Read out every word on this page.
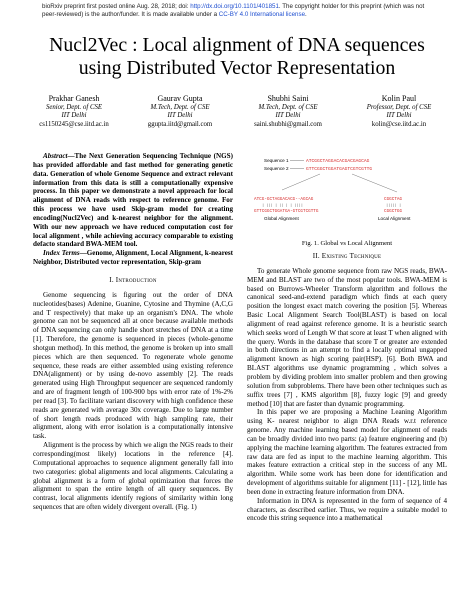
bioRxiv preprint first posted online Aug. 28, 2018; doi: http://dx.doi.org/10.1101/401851. The copyright holder for this preprint (which was not
peer-reviewed) is the author/funder. It is made available under a CC-BY 4.0 International license.
Nucl2Vec : Local alignment of DNA sequences
using Distributed Vector Representation
Prakhar Ganesh
Senior, Dept. of CSE
IIT Delhi
cs1150245@cse.iitd.ac.in
Gaurav Gupta
M.Tech, Dept. of CSE
IIT Delhi
ggupta.iitd@gmail.com
Shubhi Saini
M.Tech, Dept. of CSE
IIT Delhi
saini.shubhi@gmail.com
Kolin Paul
Professor, Dept. of CSE
IIT Delhi
kolin@cse.iitd.ac.in

Abstract—The Next Generation Sequencing Technique (NGS) has provided affordable and fast method for generating genetic data. Generation of whole Genome Sequence and extract relevant information from this data is still a computationally expensive process. In this paper we demonstrate a novel approach for local alignment of DNA reads with respect to reference genome. For this process we have used Skip-gram model for creating encoding(Nucl2Vec) and k-nearest neighbor for the alignment. With our new approach we have reduced computation cost for local alignment , while achieving accuracy comparable to existing defacto standard BWA-MEM tool.

Index Terms—Genome, Alignment, Local Alignment, k-nearest Neighbor, Distributed vector representation, Skip-gram

I. Introduction

Genome sequencing is figuring out the order of DNA nucleotides(bases) Adenine, Guanine, Cytosine and Thymine (A,C,G and T respectively) that make up an organism's DNA. The whole genome can not be sequenced all at once because available methods of DNA sequencing can only handle short stretches of DNA at a time [1]. Therefore, the genome is sequenced in pieces (whole-genome shotgun method). In this method, the genome is broken up into small pieces which are then sequenced. To regenerate whole genome sequence, these reads are either assembled using existing reference DNA(alignment) or by using de-novo assembly [2]. The reads generated using High Throughput sequencer are sequenced randomly and are of fragment length of 100-900 bps with error rate of 1%-2% per read [3]. To facilitate variant discovery with high confidence these reads are generated with average 30x coverage. Due to large number of short length reads produced with high sampling rate, their alignment, along with error isolation is a computationally intensive task.

Alignment is the process by which we align the NGS reads to their corresponding(most likely) locations in the reference [4]. Computational approaches to sequence alignment generally fall into two categories: global alignments and local alignments. Calculating a global alignment is a form of global optimization that forces the alignment to span the entire length of all query sequences. By contrast, local alignments identify regions of similarity within long sequences that are often widely divergent overall. (Fig. 1)

Sequence 1
Sequence 2
ATCGGCTAGGACACGACGAGCAG
GTTCGGCTGGATGAGTCGTCGTTG
ATCG-GCTAGGACACG--AGCAG
| ||| | || | | ||||
GTTCGGCTGGATGA-GTCGTCGTTG
Global Alignment
CGGCTAG
||||| |
CGGCTGG
Local Alignment
Fig. 1. Global vs Local Alignment
II. Existing Technique

To generate Whole genome sequence from raw NGS reads, BWA-MEM and BLAST are two of the most popular tools. BWA-MEM is based on Burrows-Wheeler Transform algorithm and follows the canonical seed-and-extend paradigm which finds at each query position the longest exact match covering the position [5]. Whereas Basic Local Alignment Search Tool(BLAST) is based on local alignment of read against reference genome. It is a heuristic search which seeks word of Length W that score at least T when aligned with the query. Words in the database that score T or greater are extended in both directions in an attempt to find a locally optimal ungapped alignment known as high scoring pair(HSP). [6]. Both BWA and BLAST algorithms use dynamic programming , which solves a problem by dividing problem into smaller problem and then growing solution from subproblems. There have been other techniques such as suffix trees [7] , KMS algorithm [8], fuzzy logic [9] and greedy method [10] that are faster than dynamic programming.

In this paper we are proposing a Machine Leaning Algorithm using K- nearest neighbor to align DNA Reads w.r.t reference genome. Any machine learning based model for alignment of reads can be broadly divided into two parts: (a) feature engineering and (b) applying the machine learning algorithm. The features extracted from raw data are fed as input to the machine learning algorithm. This makes feature extraction a critical step in the success of any ML algorithm. While some work has been done for identification and development of algorithms suitable for alignment [11] - [12], little has been done in extracting feature information from DNA.

Information in DNA is represented in the form of sequence of 4 characters, as described earlier. Thus, we require a suitable model to encode this string sequence into a mathematical
